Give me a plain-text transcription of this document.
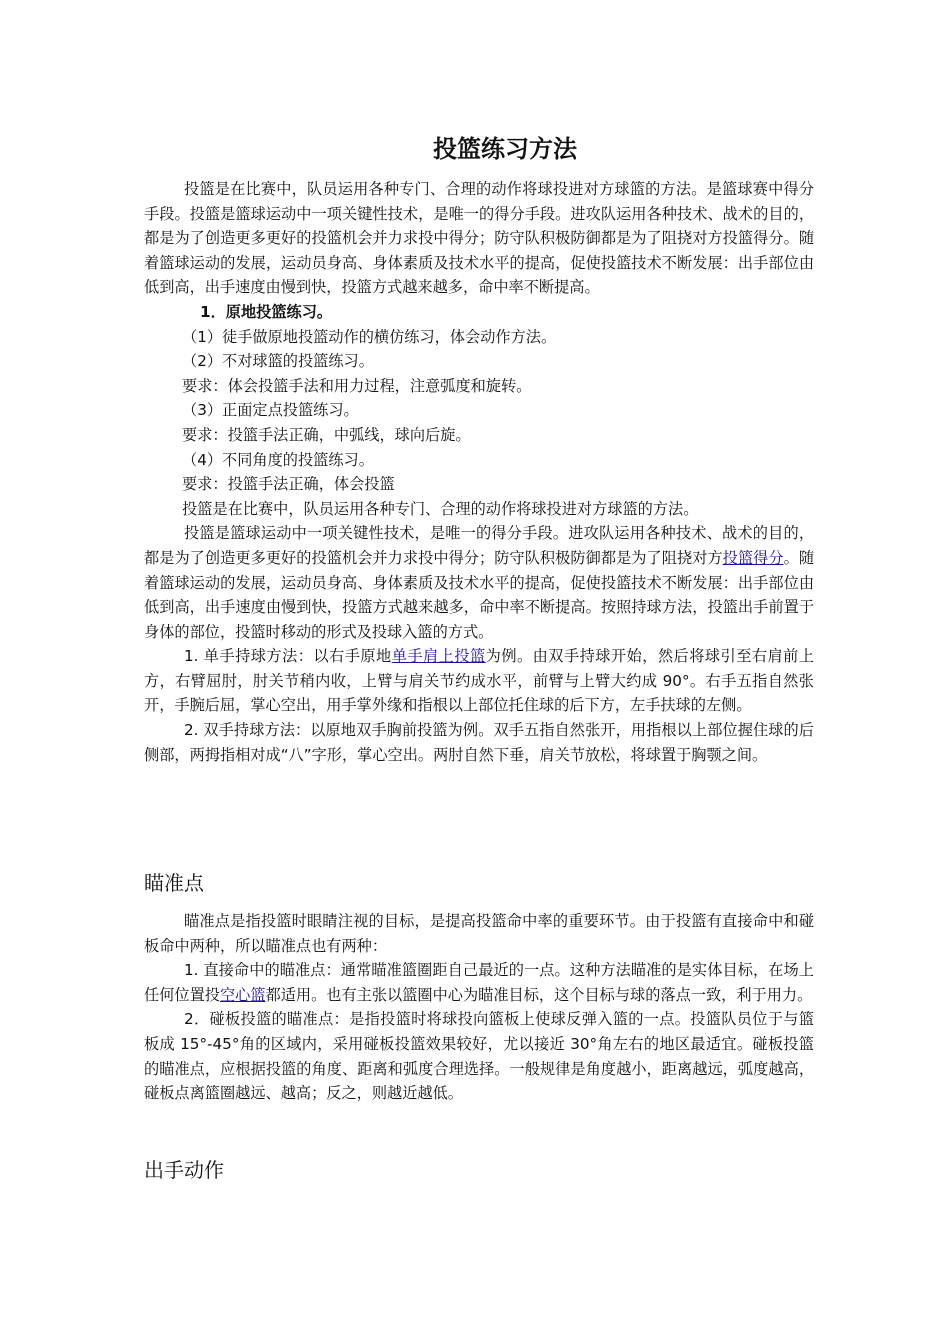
投篮练习方法

投篮是在比赛中，队员运用各种专门、合理的动作将球投进对方球篮的方法。是篮球赛中得分手段。投篮是篮球运动中一项关键性技术，是唯一的得分手段。进攻队运用各种技术、战术的目的，都是为了创造更多更好的投篮机会并力求投中得分；防守队积极防御都是为了阻挠对方投篮得分。随着篮球运动的发展，运动员身高、身体素质及技术水平的提高，促使投篮技术不断发展：出手部位由低到高，出手速度由慢到快，投篮方式越来越多，命中率不断提高。

1．原地投篮练习。

（1）徒手做原地投篮动作的横仿练习，体会动作方法。

（2）不对球篮的投篮练习。

要求：体会投篮手法和用力过程，注意弧度和旋转。

（3）正面定点投篮练习。

要求：投篮手法正确，中弧线，球向后旋。

（4）不同角度的投篮练习。

要求：投篮手法正确，体会投篮

投篮是在比赛中，队员运用各种专门、合理的动作将球投进对方球篮的方法。

投篮是篮球运动中一项关键性技术，是唯一的得分手段。进攻队运用各种技术、战术的目的，都是为了创造更多更好的投篮机会并力求投中得分；防守队积极防御都是为了阻挠对方投篮得分。随着篮球运动的发展，运动员身高、身体素质及技术水平的提高，促使投篮技术不断发展：出手部位由低到高，出手速度由慢到快，投篮方式越来越多，命中率不断提高。按照持球方法，投篮出手前置于身体的部位，投篮时移动的形式及投球入篮的方式。

1. 单手持球方法：以右手原地单手肩上投篮为例。由双手持球开始，然后将球引至右肩前上方，右臂屈肘，肘关节稍内收，上臂与肩关节约成水平，前臂与上臂大约成 90°。右手五指自然张开，手腕后屈，掌心空出，用手掌外缘和指根以上部位托住球的后下方，左手扶球的左侧。

2. 双手持球方法：以原地双手胸前投篮为例。双手五指自然张开，用指根以上部位握住球的后侧部，两拇指相对成“八”字形，掌心空出。两肘自然下垂，肩关节放松，将球置于胸颚之间。

瞄准点

瞄准点是指投篮时眼睛注视的目标，是提高投篮命中率的重要环节。由于投篮有直接命中和碰板命中两种，所以瞄准点也有两种：

1. 直接命中的瞄准点：通常瞄准篮圈距自己最近的一点。这种方法瞄准的是实体目标，在场上任何位置投空心篮都适用。也有主张以篮圈中心为瞄准目标，这个目标与球的落点一致，利于用力。

2．碰板投篮的瞄准点：是指投篮时将球投向篮板上使球反弹入篮的一点。投篮队员位于与篮板成 15°-45°角的区域内，采用碰板投篮效果较好，尤以接近 30°角左右的地区最适宜。碰板投篮的瞄准点，应根据投篮的角度、距离和弧度合理选择。一般规律是角度越小，距离越远，弧度越高，碰板点离篮圈越远、越高；反之，则越近越低。

出手动作
